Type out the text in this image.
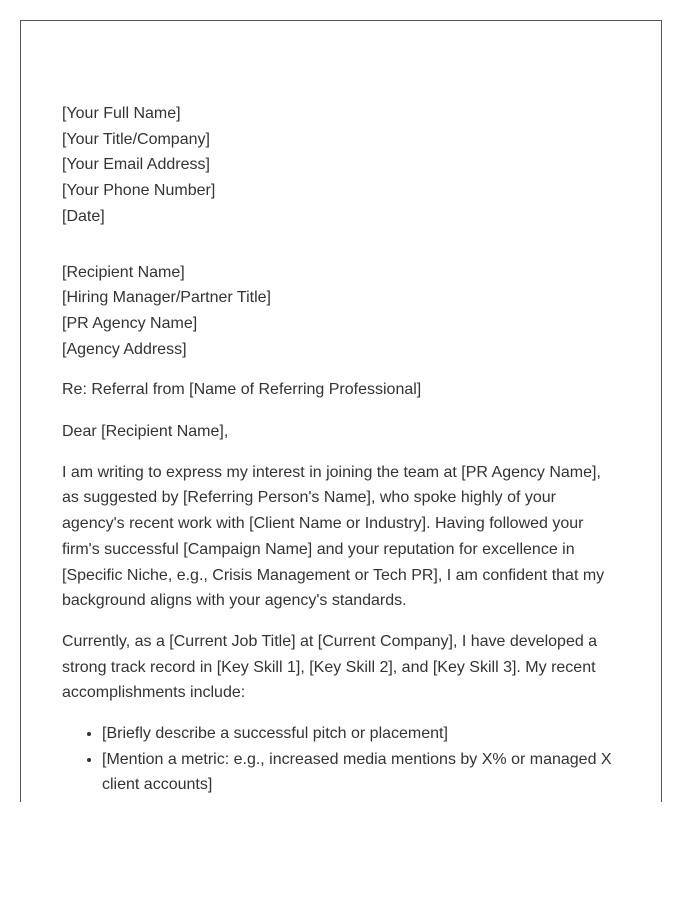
[Your Full Name]
[Your Title/Company]
[Your Email Address]
[Your Phone Number]
[Date]
[Recipient Name]
[Hiring Manager/Partner Title]
[PR Agency Name]
[Agency Address]

Re: Referral from [Name of Referring Professional]

Dear [Recipient Name],

I am writing to express my interest in joining the team at [PR Agency Name], as suggested by [Referring Person's Name], who spoke highly of your agency's recent work with [Client Name or Industry]. Having followed your firm's successful [Campaign Name] and your reputation for excellence in [Specific Niche, e.g., Crisis Management or Tech PR], I am confident that my background aligns with your agency's standards.

Currently, as a [Current Job Title] at [Current Company], I have developed a strong track record in [Key Skill 1], [Key Skill 2], and [Key Skill 3]. My recent accomplishments include:

• [Briefly describe a successful pitch or placement]
• [Mention a metric: e.g., increased media mentions by X% or managed X client accounts]
